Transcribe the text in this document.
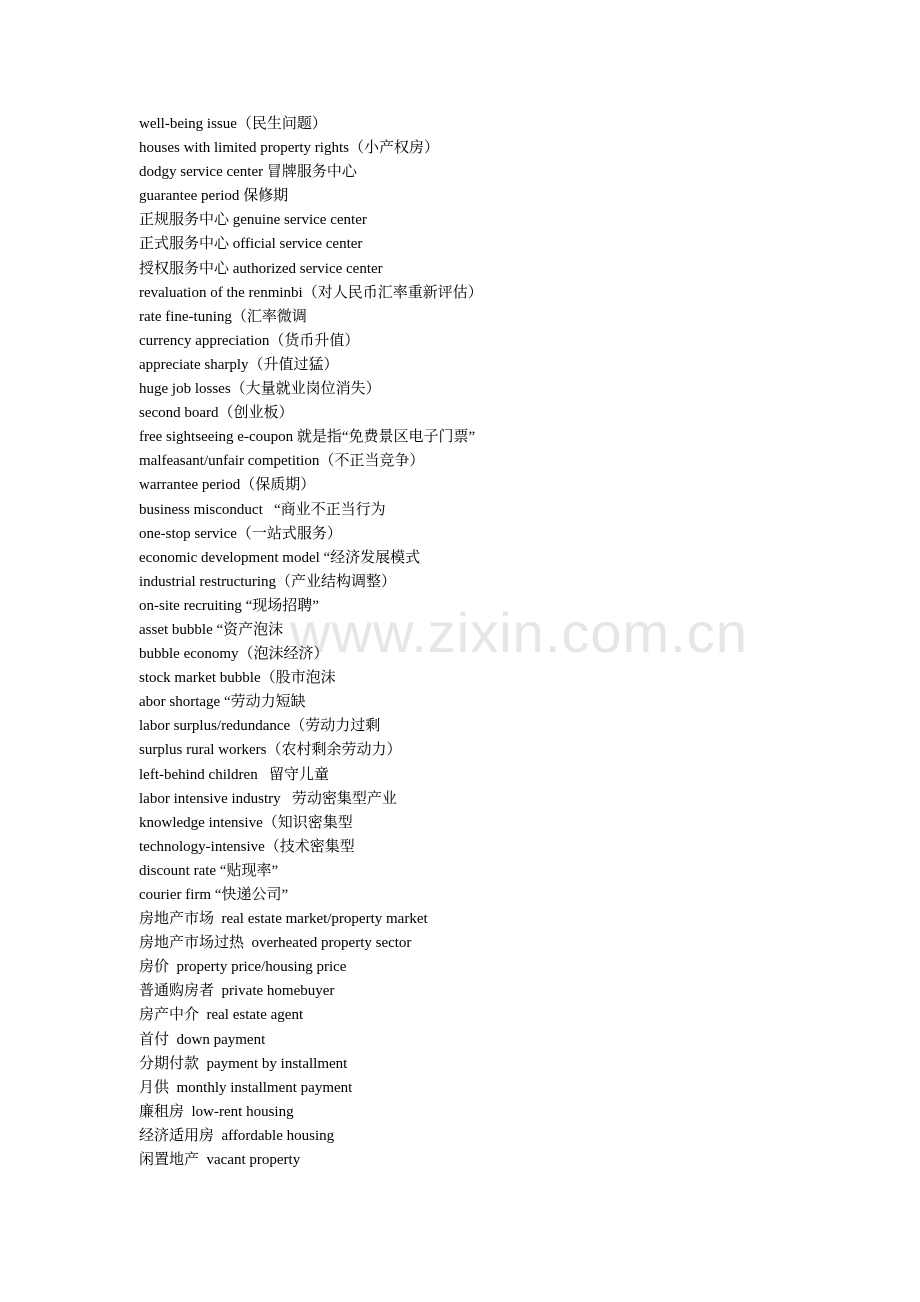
www.zixin.com.cn
well-being issue（民生问题）
houses with limited property rights（小产权房）
dodgy service center 冒牌服务中心
guarantee period 保修期
正规服务中心 genuine service center
正式服务中心 official service center
授权服务中心 authorized service center
revaluation of the renminbi（对人民币汇率重新评估）
rate fine-tuning（汇率微调
currency appreciation（货币升值）
appreciate sharply（升值过猛）
huge job losses（大量就业岗位消失）
second board（创业板）
free sightseeing e-coupon 就是指“免费景区电子门票”
malfeasant/unfair competition（不正当竞争）
warrantee period（保质期）
business misconduct   “商业不正当行为
one-stop service（一站式服务）
economic development model “经济发展模式
industrial restructuring（产业结构调整）
on-site recruiting “现场招聘”
asset bubble “资产泡沫
bubble economy（泡沫经济）
stock market bubble（股市泡沫
abor shortage “劳动力短缺
labor surplus/redundance（劳动力过剩
surplus rural workers（农村剩余劳动力）
left-behind children   留守儿童
labor intensive industry   劳动密集型产业
knowledge intensive（知识密集型
technology-intensive（技术密集型
discount rate “贴现率”
courier firm “快递公司”
房地产市场  real estate market/property market
房地产市场过热  overheated property sector
房价  property price/housing price
普通购房者  private homebuyer
房产中介  real estate agent
首付  down payment
分期付款  payment by installment
月供  monthly installment payment
廉租房  low-rent housing
经济适用房  affordable housing
闲置地产  vacant property
